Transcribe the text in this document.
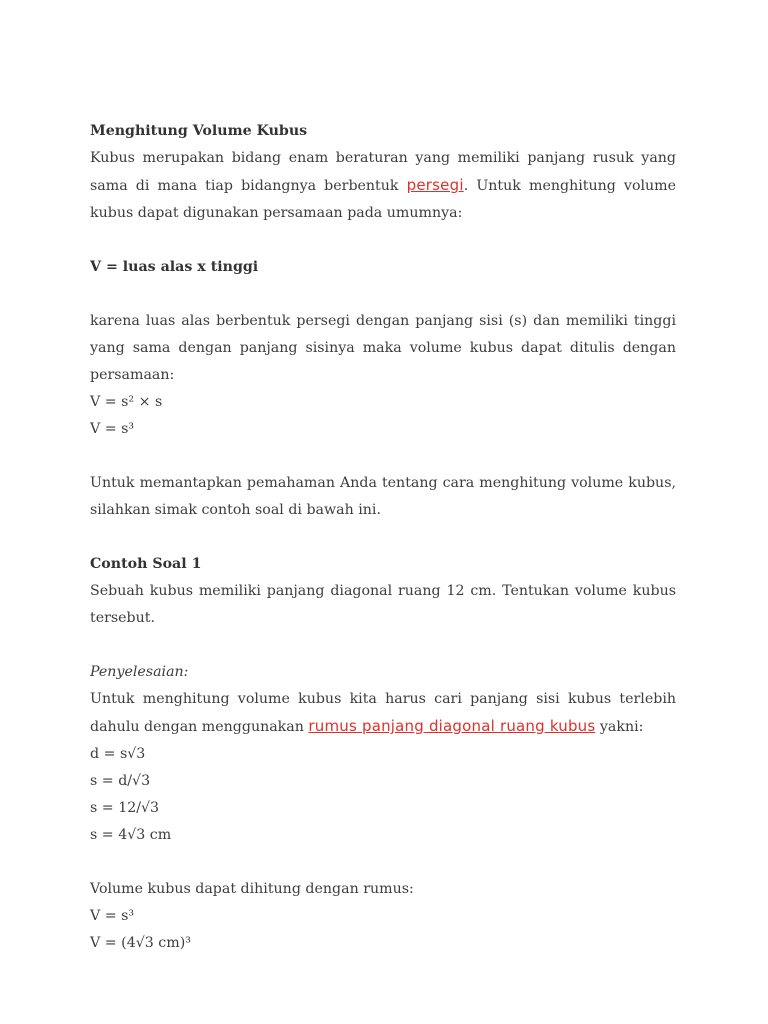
Menghitung Volume Kubus

Kubus merupakan bidang enam beraturan yang memiliki panjang rusuk yang sama di mana tiap bidangnya berbentuk persegi. Untuk menghitung volume kubus dapat digunakan persamaan pada umumnya:

V = luas alas x tinggi

karena luas alas berbentuk persegi dengan panjang sisi (s) dan memiliki tinggi yang sama dengan panjang sisinya maka volume kubus dapat ditulis dengan persamaan:

V = s² × s

V = s³

Untuk memantapkan pemahaman Anda tentang cara menghitung volume kubus, silahkan simak contoh soal di bawah ini.

Contoh Soal 1

Sebuah kubus memiliki panjang diagonal ruang 12 cm. Tentukan volume kubus tersebut.

Penyelesaian:

Untuk menghitung volume kubus kita harus cari panjang sisi kubus terlebih dahulu dengan menggunakan rumus panjang diagonal ruang kubus yakni:

d = s√3

s = d/√3

s = 12/√3

s = 4√3 cm

Volume kubus dapat dihitung dengan rumus:

V = s³

V = (4√3 cm)³
